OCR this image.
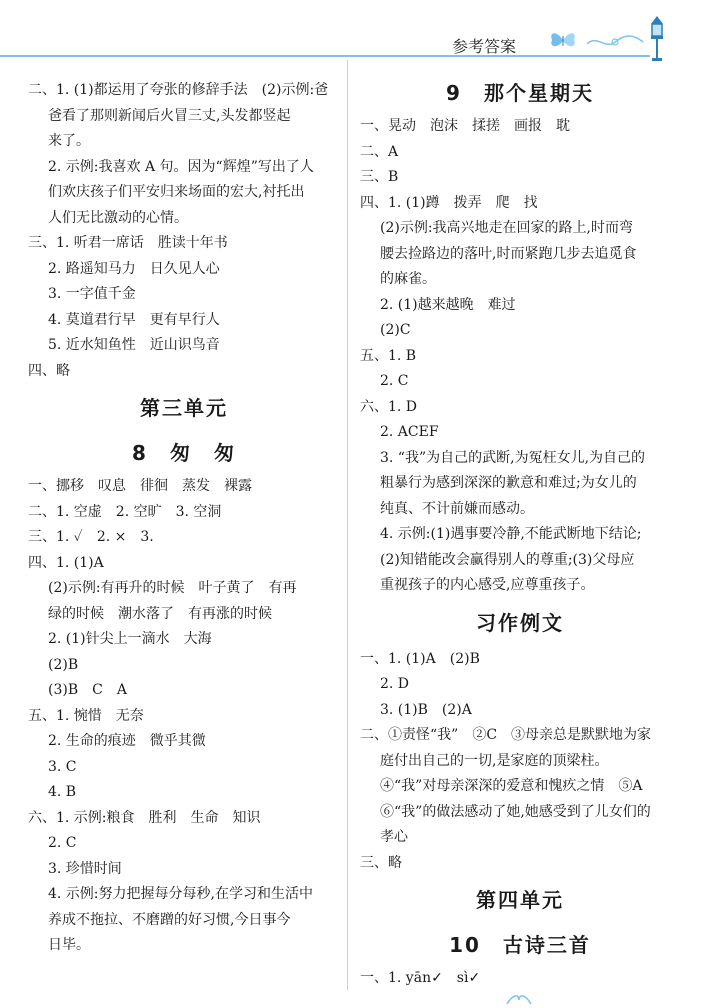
参考答案
二、1. (1)都运用了夸张的修辞手法　(2)示例:爸
爸看了那则新闻后火冒三丈,头发都竖起
来了。
2. 示例:我喜欢 A 句。因为“辉煌”写出了人
们欢庆孩子们平安归来场面的宏大,衬托出
人们无比激动的心情。
三、1. 听君一席话　胜读十年书
2. 路遥知马力　日久见人心
3. 一字值千金
4. 莫道君行早　更有早行人
5. 近水知鱼性　近山识鸟音
四、略
第三单元
8　匆　匆
一、挪移　叹息　徘徊　蒸发　裸露
二、1. 空虚　2. 空旷　3. 空洞
三、1. ✓　2. ×　3.
四、1. (1)A
(2)示例:有再升的时候　叶子黄了　有再
绿的时候　潮水落了　有再涨的时候
2. (1)针尖上一滴水　大海
(2)B
(3)B　C　A
五、1. 惋惜　无奈
2. 生命的痕迹　微乎其微
3. C
4. B
六、1. 示例:粮食　胜利　生命　知识
2. C
3. 珍惜时间
4. 示例:努力把握每分每秒,在学习和生活中
养成不拖拉、不磨蹭的好习惯,今日事今
日毕。
9　那个星期天
一、晃动　泡沫　揉搓　画报　耽
二、A
三、B
四、1. (1)蹲　拨弄　爬　找
(2)示例:我高兴地走在回家的路上,时而弯
腰去捡路边的落叶,时而紧跑几步去追觅食
的麻雀。
2. (1)越来越晚　难过
(2)C
五、1. B
2. C
六、1. D
2. ACEF
3. “我”为自己的武断,为冤枉女儿,为自己的
粗暴行为感到深深的歉意和难过;为女儿的
纯真、不计前嫌而感动。
4. 示例:(1)遇事要冷静,不能武断地下结论;
(2)知错能改会赢得别人的尊重;(3)父母应
重视孩子的内心感受,应尊重孩子。
习作例文
一、1. (1)A　(2)B
2. D
3. (1)B　(2)A
二、①责怪“我”　②C　③母亲总是默默地为家
庭付出自己的一切,是家庭的顶梁柱。
④“我”对母亲深深的爱意和愧疚之情　⑤A
⑥“我”的做法感动了她,她感受到了儿女们的
孝心
三、略
第四单元
10　古诗三首
一、1. yān✓　sì✓
